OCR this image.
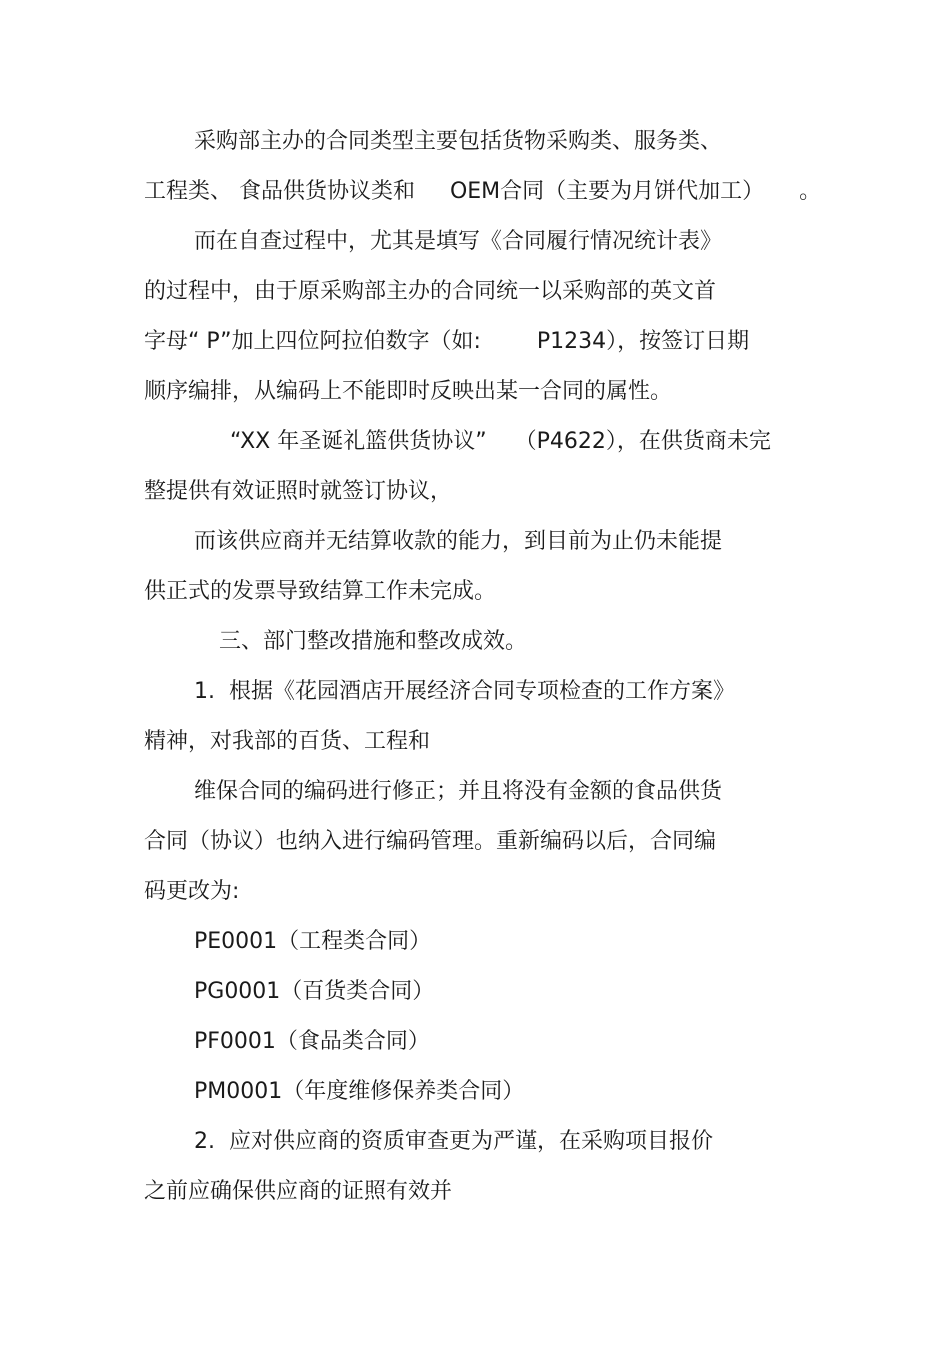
采购部主办的合同类型主要包括货物采购类、服务类、

工程类、 食品供货协议类和     OEM合同（主要为月饼代加工）     。

而在自查过程中，尤其是填写《合同履行情况统计表》

的过程中，由于原采购部主办的合同统一以采购部的英文首

字母“ P”加上四位阿拉伯数字（如:        P1234），按签订日期

顺序编排，从编码上不能即时反映出某一合同的属性。

“XX 年圣诞礼篮供货协议”    （P4622），在供货商未完

整提供有效证照时就签订协议，

而该供应商并无结算收款的能力，到目前为止仍未能提

供正式的发票导致结算工作未完成。

三、部门整改措施和整改成效。

1.  根据《花园酒店开展经济合同专项检查的工作方案》

精神，对我部的百货、工程和

维保合同的编码进行修正；并且将没有金额的食品供货

合同（协议）也纳入进行编码管理。重新编码以后，合同编

码更改为:

PE0001（工程类合同）

PG0001（百货类合同）

PF0001（食品类合同）

PM0001（年度维修保养类合同）

2.  应对供应商的资质审查更为严谨，在采购项目报价

之前应确保供应商的证照有效并
